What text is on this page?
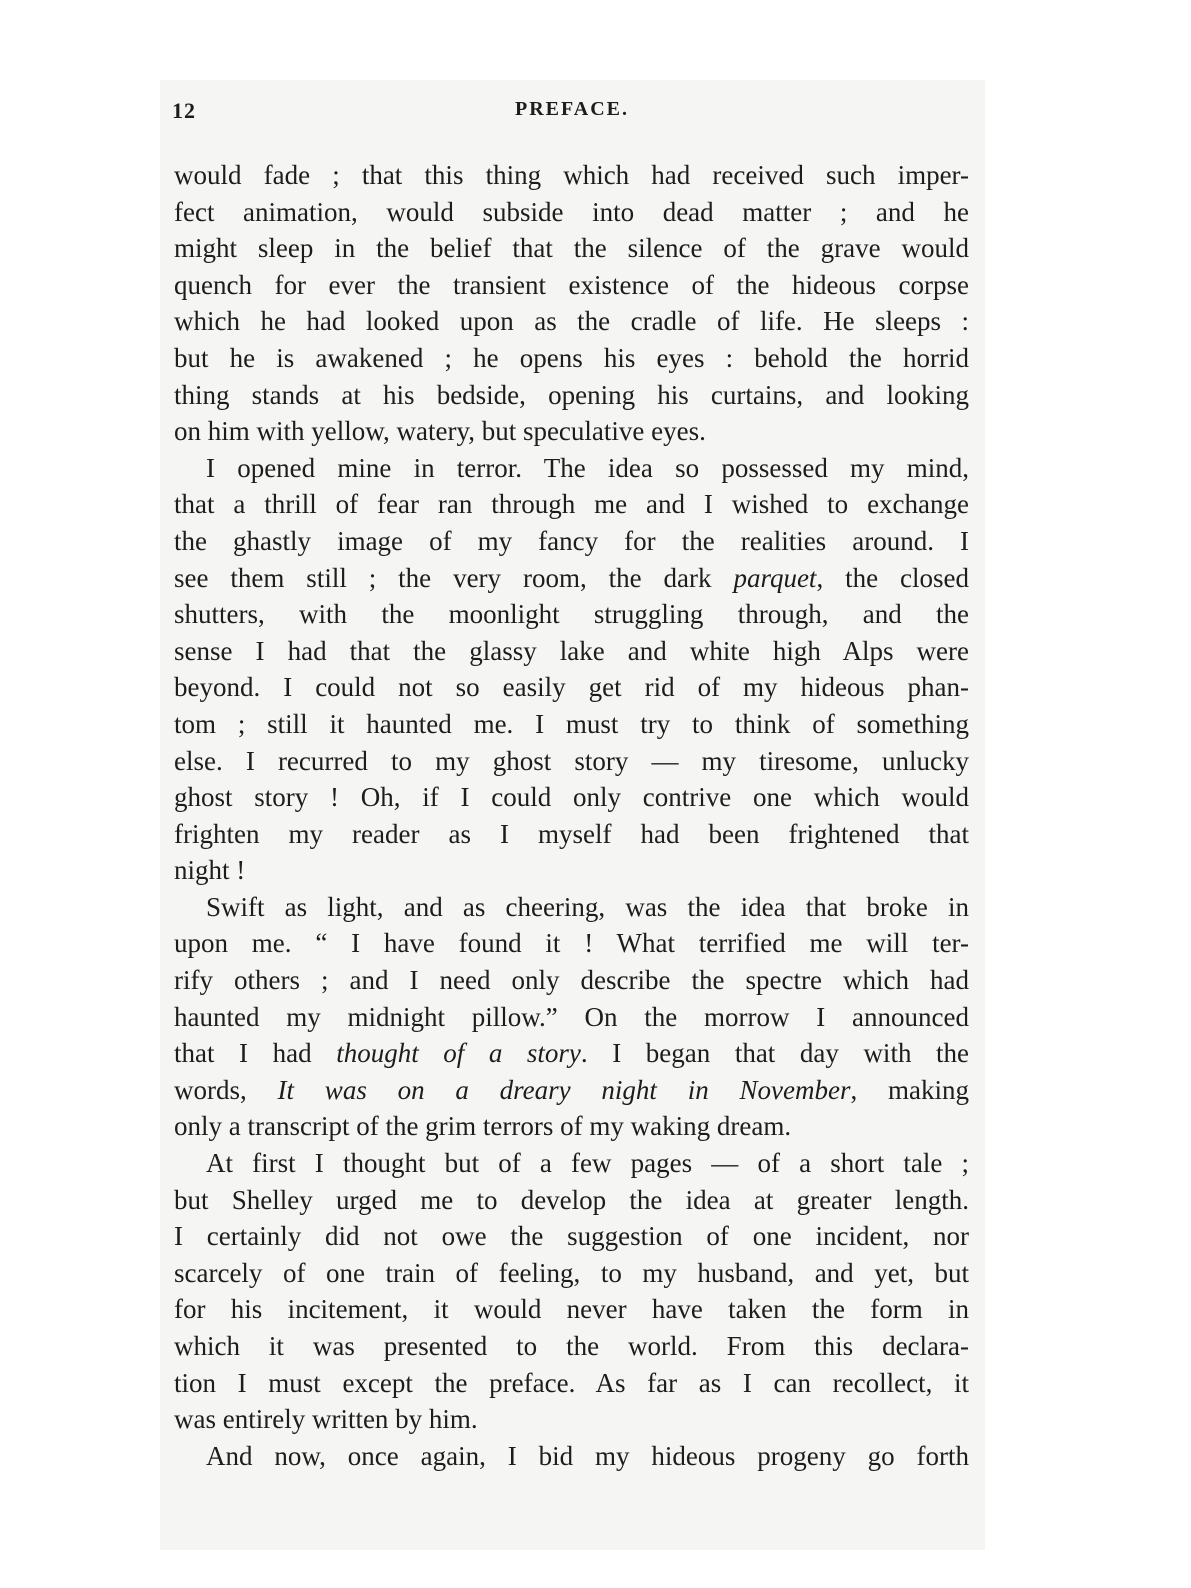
12	PREFACE.
would fade ; that this thing which had received such imper-
fect animation, would subside into dead matter ; and he
might sleep in the belief that the silence of the grave would
quench for ever the transient existence of the hideous corpse
which he had looked upon as the cradle of life. He sleeps :
but he is awakened ; he opens his eyes : behold the horrid
thing stands at his bedside, opening his curtains, and looking
on him with yellow, watery, but speculative eyes.
I opened mine in terror. The idea so possessed my mind,
that a thrill of fear ran through me and I wished to exchange
the ghastly image of my fancy for the realities around. I
see them still ; the very room, the dark parquet, the closed
shutters, with the moonlight struggling through, and the
sense I had that the glassy lake and white high Alps were
beyond. I could not so easily get rid of my hideous phan-
tom ; still it haunted me. I must try to think of something
else. I recurred to my ghost story — my tiresome, unlucky
ghost story ! Oh, if I could only contrive one which would
frighten my reader as I myself had been frightened that
night !
Swift as light, and as cheering, was the idea that broke in
upon me. “ I have found it ! What terrified me will ter-
rify others ; and I need only describe the spectre which had
haunted my midnight pillow.” On the morrow I announced
that I had thought of a story. I began that day with the
words, It was on a dreary night in November, making
only a transcript of the grim terrors of my waking dream.
At first I thought but of a few pages — of a short tale ;
but Shelley urged me to develop the idea at greater length.
I certainly did not owe the suggestion of one incident, nor
scarcely of one train of feeling, to my husband, and yet, but
for his incitement, it would never have taken the form in
which it was presented to the world. From this declara-
tion I must except the preface. As far as I can recollect, it
was entirely written by him.
And now, once again, I bid my hideous progeny go forth
